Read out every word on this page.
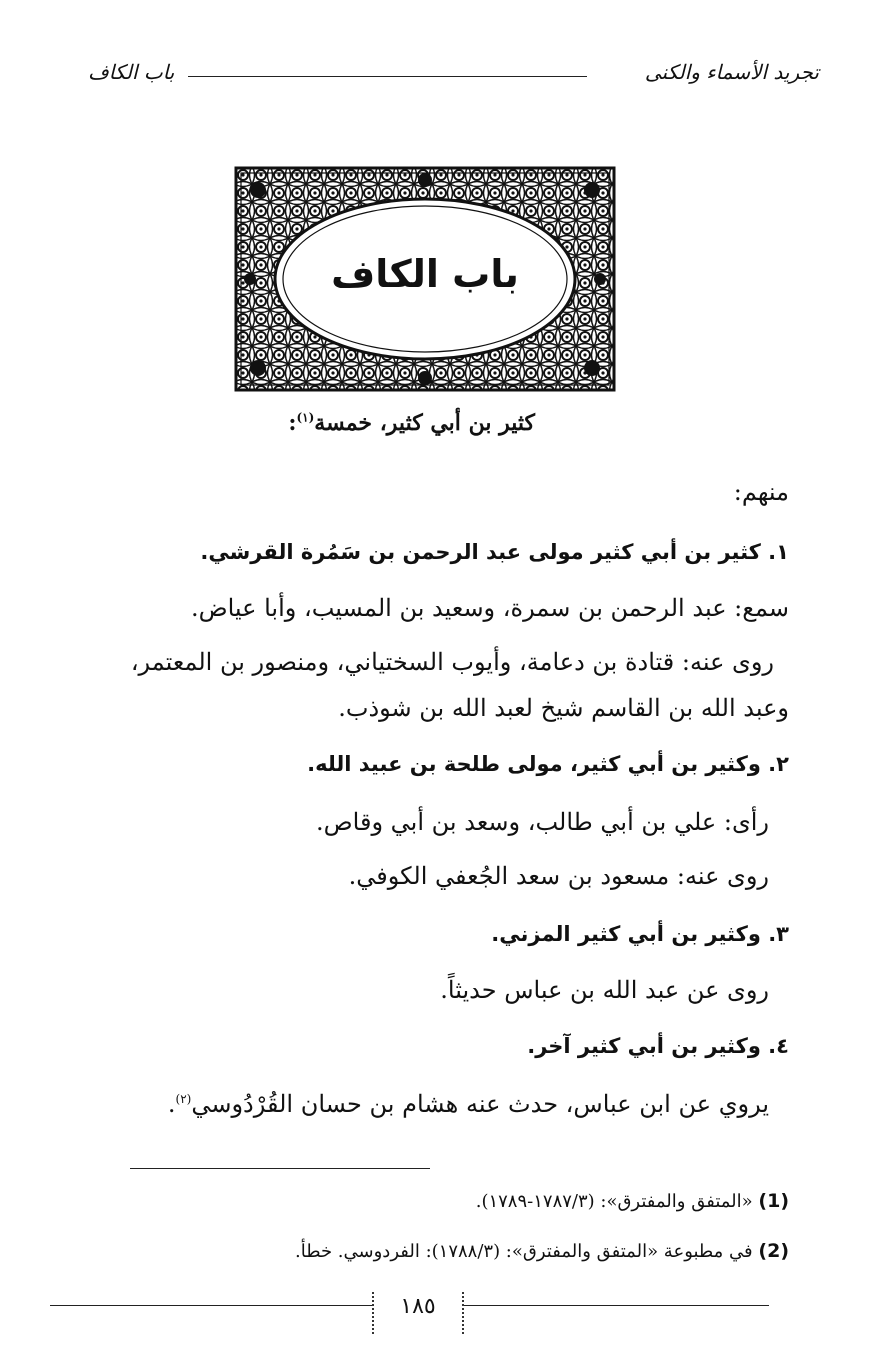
تجريد الأسماء والكنى
باب الكاف
باب الكاف
كثير بن أبي كثير، خمسة$^{(١)}$:
منهم:
١. كثير بن أبي كثير مولى عبد الرحمن بن سَمُرة القرشي.
سمع: عبد الرحمن بن سمرة، وسعيد بن المسيب، وأبا عياض.
روى عنه: قتادة بن دعامة، وأيوب السختياني، ومنصور بن المعتمر،
وعبد الله بن القاسم شيخ لعبد الله بن شوذب.
٢. وكثير بن أبي كثير، مولى طلحة بن عبيد الله.
رأى: علي بن أبي طالب، وسعد بن أبي وقاص.
روى عنه: مسعود بن سعد الجُعفي الكوفي.
٣. وكثير بن أبي كثير المزني.
روى عن عبد الله بن عباس حديثاً.
٤. وكثير بن أبي كثير آخر.
يروي عن ابن عباس، حدث عنه هشام بن حسان القُرْدُوسي$^{(٢)}$.
(1) «المتفق والمفترق»: (١٧٨٧/٣-١٧٨٩).
(2) في مطبوعة «المتفق والمفترق»: (١٧٨٨/٣): الفردوسي. خطأ.
١٨٥
